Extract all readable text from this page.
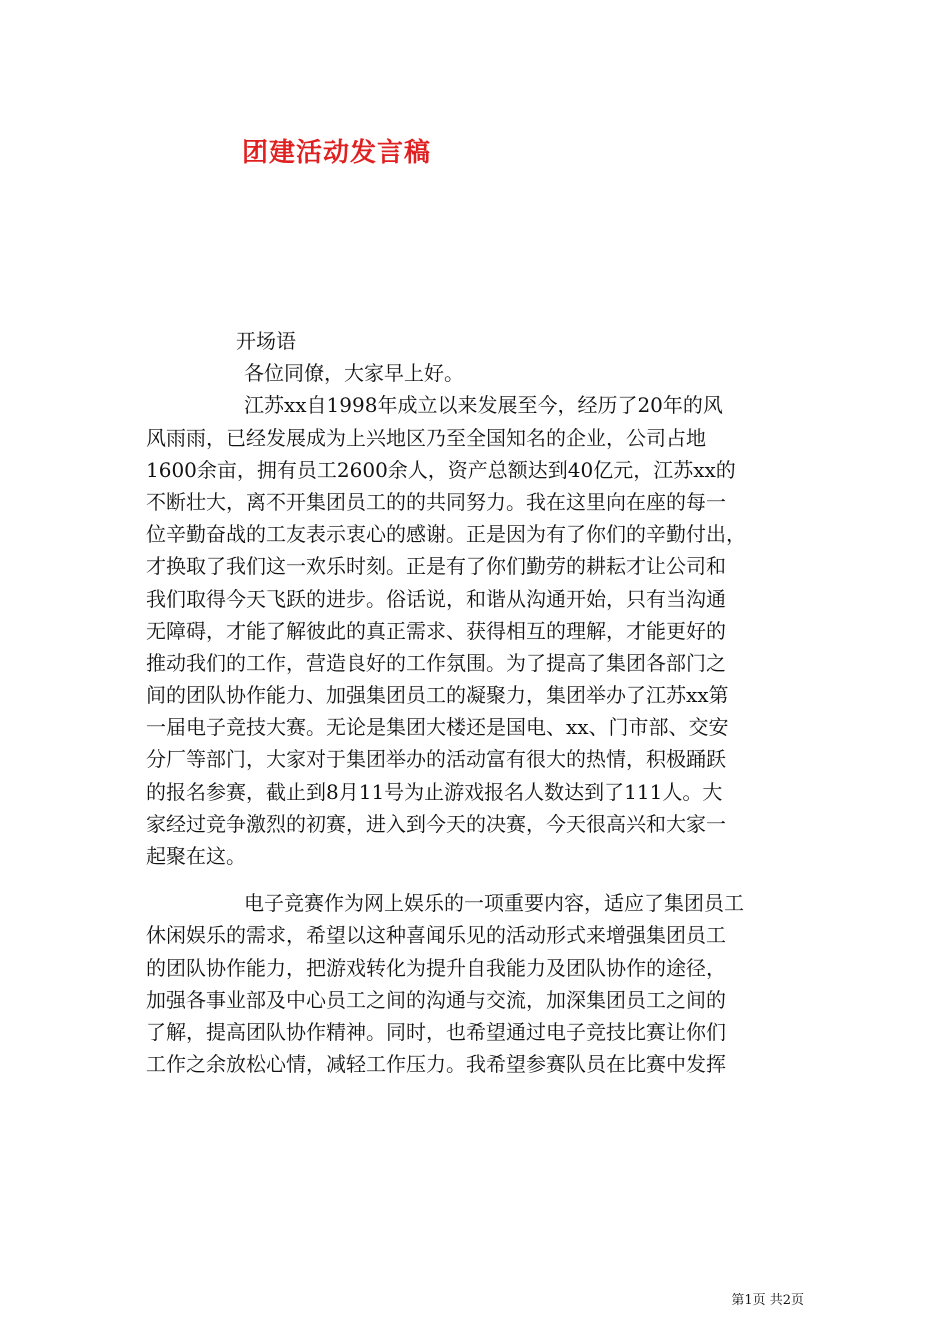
团建活动发言稿
开场语
各位同僚，大家早上好。
江苏xx自1998年成立以来发展至今，经历了20年的风
风雨雨，已经发展成为上兴地区乃至全国知名的企业，公司占地
1600余亩，拥有员工2600余人，资产总额达到40亿元，江苏xx的
不断壮大，离不开集团员工的的共同努力。我在这里向在座的每一
位辛勤奋战的工友表示衷心的感谢。正是因为有了你们的辛勤付出，
才换取了我们这一欢乐时刻。正是有了你们勤劳的耕耘才让公司和
我们取得今天飞跃的进步。俗话说，和谐从沟通开始，只有当沟通
无障碍，才能了解彼此的真正需求、获得相互的理解，才能更好的
推动我们的工作，营造良好的工作氛围。为了提高了集团各部门之
间的团队协作能力、加强集团员工的凝聚力，集团举办了江苏xx第
一届电子竞技大赛。无论是集团大楼还是国电、xx、门市部、交安
分厂等部门，大家对于集团举办的活动富有很大的热情，积极踊跃
的报名参赛，截止到8月11号为止游戏报名人数达到了111人。大
家经过竞争激烈的初赛，进入到今天的决赛，今天很高兴和大家一
起聚在这。
电子竞赛作为网上娱乐的一项重要内容，适应了集团员工
休闲娱乐的需求，希望以这种喜闻乐见的活动形式来增强集团员工
的团队协作能力，把游戏转化为提升自我能力及团队协作的途径，
加强各事业部及中心员工之间的沟通与交流，加深集团员工之间的
了解，提高团队协作精神。同时，也希望通过电子竞技比赛让你们
工作之余放松心情，减轻工作压力。我希望参赛队员在比赛中发挥
第1页 共2页
